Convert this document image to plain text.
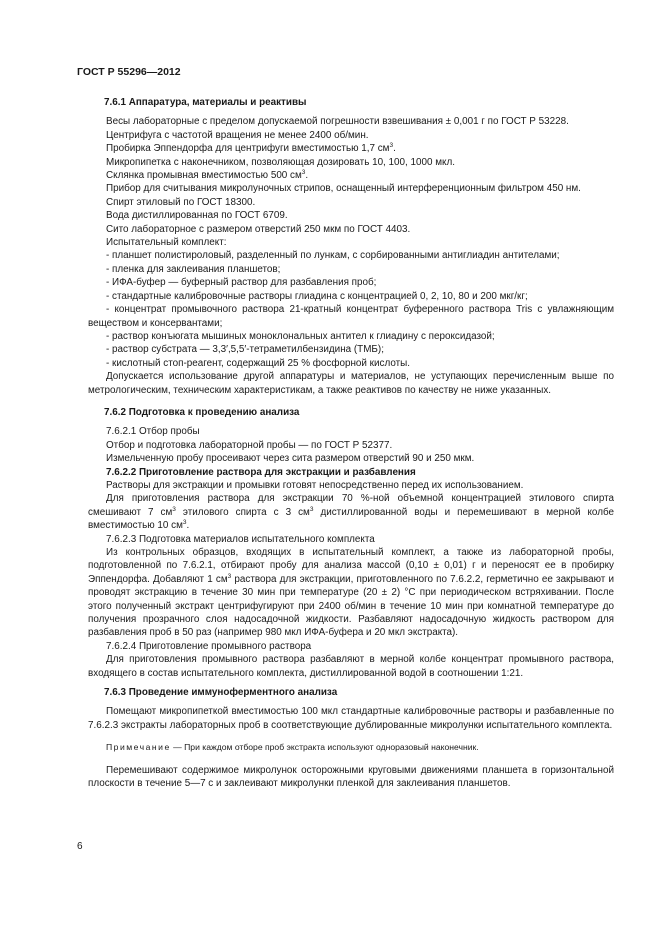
ГОСТ Р 55296—2012

7.6.1 Аппаратура, материалы и реактивы

Весы лабораторные с пределом допускаемой погрешности взвешивания ± 0,001 г по ГОСТ Р 53228.

Центрифуга с частотой вращения не менее 2400 об/мин.

Пробирка Эппендорфа для центрифуги вместимостью 1,7 $см^3$.

Микропипетка с наконечником, позволяющая дозировать 10, 100, 1000 мкл.

Склянка промывная вместимостью 500 $см^3$.

Прибор для считывания микролуночных стрипов, оснащенный интерференционным фильтром 450 нм.

Спирт этиловый по ГОСТ 18300.

Вода дистиллированная по ГОСТ 6709.

Сито лабораторное с размером отверстий 250 мкм по ГОСТ 4403.

Испытательный комплект:

- планшет полистироловый, разделенный по лункам, с сорбированными антиглиадин антителами;

- пленка для заклеивания планшетов;

- ИФА-буфер — буферный раствор для разбавления проб;

- стандартные калибровочные растворы глиадина с концентрацией 0, 2, 10, 80 и 200 мкг/кг;

- концентрат промывочного раствора 21-кратный концентрат буференного раствора Tris с увлажняющим веществом и консервантами;

- раствор конъюгата мышиных моноклональных антител к глиадину с пероксидазой;

- раствор субстрата — 3,3′,5,5′-тетраметилбензидина (ТМБ);

- кислотный стоп-реагент, содержащий 25 % фосфорной кислоты.

Допускается использование другой аппаратуры и материалов, не уступающих перечисленным выше по метрологическим, техническим характеристикам, а также реактивов по качеству не ниже указанных.

7.6.2 Подготовка к проведению анализа

7.6.2.1 Отбор пробы

Отбор и подготовка лабораторной пробы — по ГОСТ Р 52377.

Измельченную пробу просеивают через сита размером отверстий 90 и 250 мкм.

7.6.2.2 Приготовление раствора для экстракции и разбавления

Растворы для экстракции и промывки готовят непосредственно перед их использованием.

Для приготовления раствора для экстракции 70 %-ной объемной концентрацией этилового спирта смешивают 7 $см^3$ этилового спирта с 3 $см^3$ дистиллированной воды и перемешивают в мерной колбе вместимостью 10 $см^3$.

7.6.2.3 Подготовка материалов испытательного комплекта

Из контрольных образцов, входящих в испытательный комплект, а также из лабораторной пробы, подготовленной по 7.6.2.1, отбирают пробу для анализа массой (0,10 ± 0,01) г и переносят ее в пробирку Эппендорфа. Добавляют 1 $см^3$ раствора для экстракции, приготовленного по 7.6.2.2, герметично ее закрывают и проводят экстракцию в течение 30 мин при температуре (20 ± 2) °С при периодическом встряхивании. После этого полученный экстракт центрифугируют при 2400 об/мин в течение 10 мин при комнатной температуре до получения прозрачного слоя надосадочной жидкости. Разбавляют надосадочную жидкость раствором для разбавления проб в 50 раз (например 980 мкл ИФА-буфера и 20 мкл экстракта).

7.6.2.4 Приготовление промывного раствора

Для приготовления промывного раствора разбавляют в мерной колбе концентрат промывного раствора, входящего в состав испытательного комплекта, дистиллированной водой в соотношении 1:21.

7.6.3 Проведение иммуноферментного анализа

Помещают микропипеткой вместимостью 100 мкл стандартные калибровочные растворы и разбавленные по 7.6.2.3 экстракты лабораторных проб в соответствующие дублированные микролунки испытательного комплекта.

Примечание — При каждом отборе проб экстракта используют одноразовый наконечник.

Перемешивают содержимое микролунок осторожными круговыми движениями планшета в горизонтальной плоскости в течение 5—7 с и заклеивают микролунки пленкой для заклеивания планшетов.

6
